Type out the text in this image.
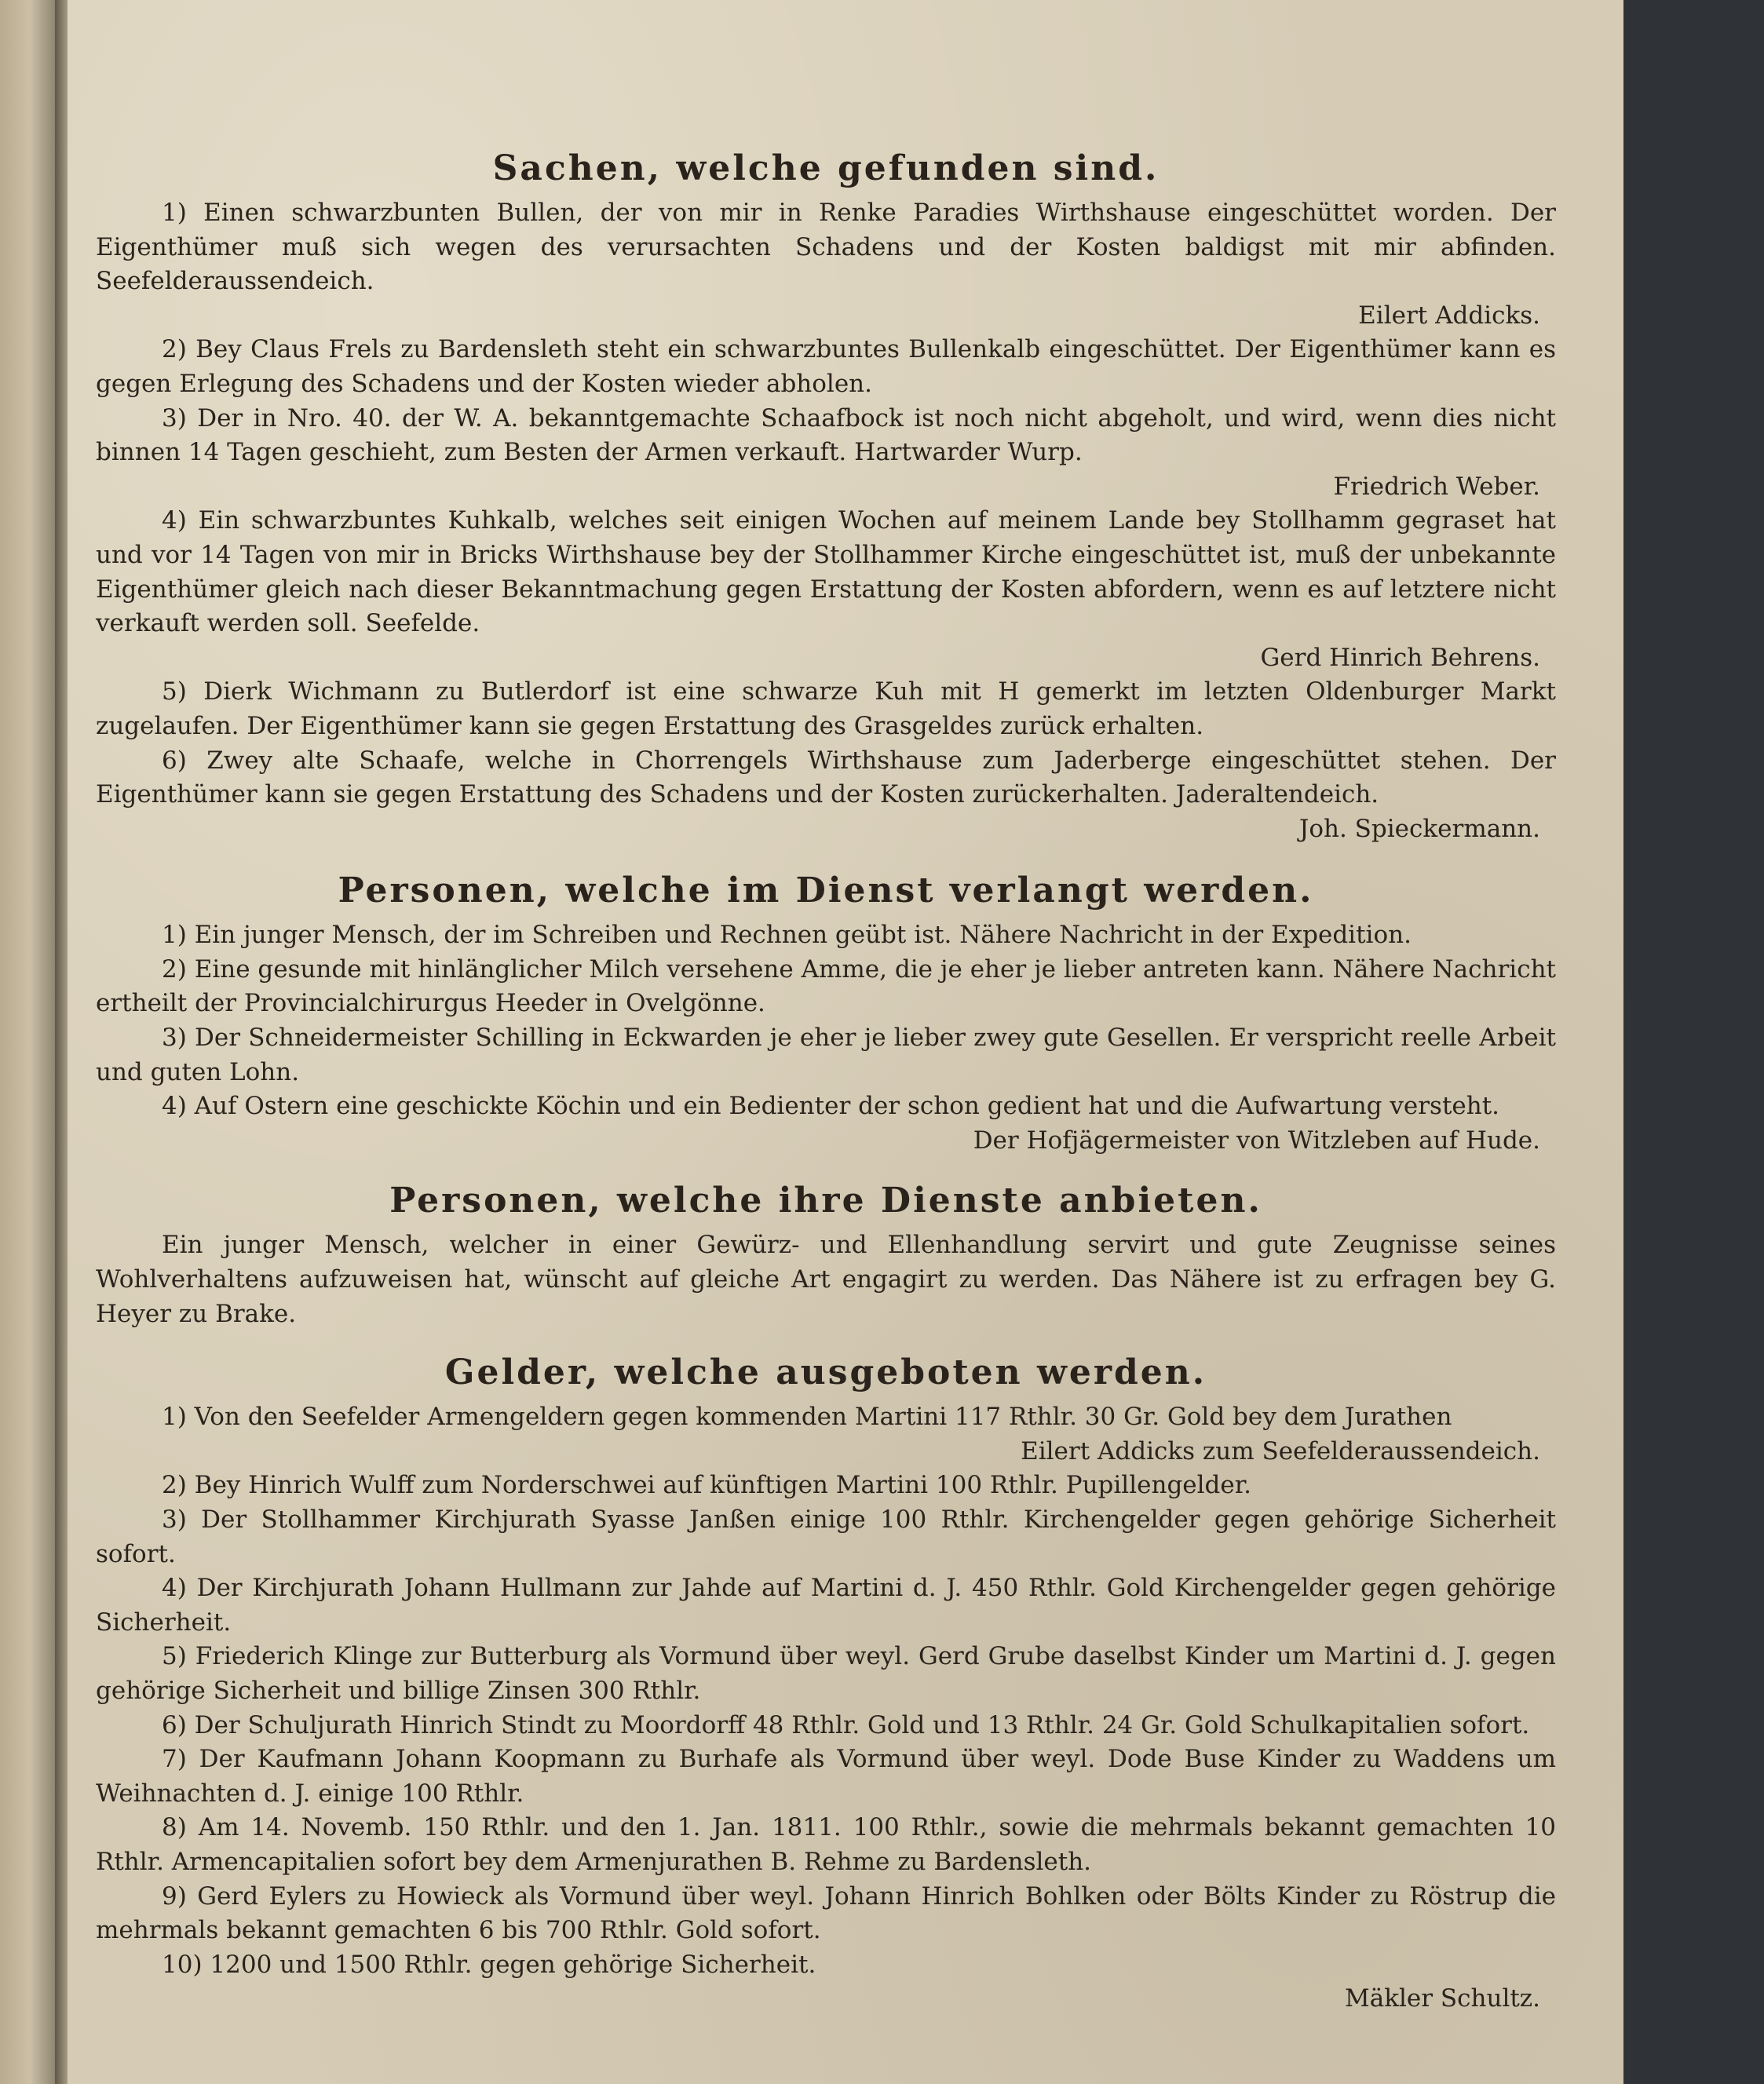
Sachen, welche gefunden sind.

1) Einen schwarzbunten Bullen, der von mir in Renke Paradies Wirthshause eingeschüttet worden. Der Eigenthümer muß sich wegen des verursachten Schadens und der Kosten baldigst mit mir abfinden. Seefelderaussendeich.

Eilert Addicks.

2) Bey Claus Frels zu Bardensleth steht ein schwarzbuntes Bullenkalb eingeschüttet. Der Eigenthümer kann es gegen Erlegung des Schadens und der Kosten wieder abholen.

3) Der in Nro. 40. der W. A. bekanntgemachte Schaafbock ist noch nicht abgeholt, und wird, wenn dies nicht binnen 14 Tagen geschieht, zum Besten der Armen verkauft. Hartwarder Wurp.

Friedrich Weber.

4) Ein schwarzbuntes Kuhkalb, welches seit einigen Wochen auf meinem Lande bey Stollhamm gegraset hat und vor 14 Tagen von mir in Bricks Wirthshause bey der Stollhammer Kirche eingeschüttet ist, muß der unbekannte Eigenthümer gleich nach dieser Bekanntmachung gegen Erstattung der Kosten abfordern, wenn es auf letztere nicht verkauft werden soll. Seefelde.

Gerd Hinrich Behrens.

5) Dierk Wichmann zu Butlerdorf ist eine schwarze Kuh mit H gemerkt im letzten Oldenburger Markt zugelaufen. Der Eigenthümer kann sie gegen Erstattung des Grasgeldes zurück erhalten.

6) Zwey alte Schaafe, welche in Chorrengels Wirthshause zum Jaderberge eingeschüttet stehen. Der Eigenthümer kann sie gegen Erstattung des Schadens und der Kosten zurückerhalten. Jaderaltendeich.

Joh. Spieckermann.

Personen, welche im Dienst verlangt werden.

1) Ein junger Mensch, der im Schreiben und Rechnen geübt ist. Nähere Nachricht in der Expedition.

2) Eine gesunde mit hinlänglicher Milch versehene Amme, die je eher je lieber antreten kann. Nähere Nachricht ertheilt der Provincialchirurgus Heeder in Ovelgönne.

3) Der Schneidermeister Schilling in Eckwarden je eher je lieber zwey gute Gesellen. Er verspricht reelle Arbeit und guten Lohn.

4) Auf Ostern eine geschickte Köchin und ein Bedienter der schon gedient hat und die Aufwartung versteht.

Der Hofjägermeister von Witzleben auf Hude.

Personen, welche ihre Dienste anbieten.

Ein junger Mensch, welcher in einer Gewürz- und Ellenhandlung servirt und gute Zeugnisse seines Wohlverhaltens aufzuweisen hat, wünscht auf gleiche Art engagirt zu werden. Das Nähere ist zu erfragen bey G. Heyer zu Brake.

Gelder, welche ausgeboten werden.

1) Von den Seefelder Armengeldern gegen kommenden Martini 117 Rthlr. 30 Gr. Gold bey dem Jurathen

Eilert Addicks zum Seefelderaussendeich.

2) Bey Hinrich Wulff zum Norderschwei auf künftigen Martini 100 Rthlr. Pupillengelder.

3) Der Stollhammer Kirchjurath Syasse Janßen einige 100 Rthlr. Kirchengelder gegen gehörige Sicherheit sofort.

4) Der Kirchjurath Johann Hullmann zur Jahde auf Martini d. J. 450 Rthlr. Gold Kirchengelder gegen gehörige Sicherheit.

5) Friederich Klinge zur Butterburg als Vormund über weyl. Gerd Grube daselbst Kinder um Martini d. J. gegen gehörige Sicherheit und billige Zinsen 300 Rthlr.

6) Der Schuljurath Hinrich Stindt zu Moordorff 48 Rthlr. Gold und 13 Rthlr. 24 Gr. Gold Schulkapitalien sofort.

7) Der Kaufmann Johann Koopmann zu Burhafe als Vormund über weyl. Dode Buse Kinder zu Waddens um Weihnachten d. J. einige 100 Rthlr.

8) Am 14. Novemb. 150 Rthlr. und den 1. Jan. 1811. 100 Rthlr., sowie die mehrmals bekannt gemachten 10 Rthlr. Armencapitalien sofort bey dem Armenjurathen B. Rehme zu Bardensleth.

9) Gerd Eylers zu Howieck als Vormund über weyl. Johann Hinrich Bohlken oder Bölts Kinder zu Röstrup die mehrmals bekannt gemachten 6 bis 700 Rthlr. Gold sofort.

10) 1200 und 1500 Rthlr. gegen gehörige Sicherheit.

Mäkler Schultz.
